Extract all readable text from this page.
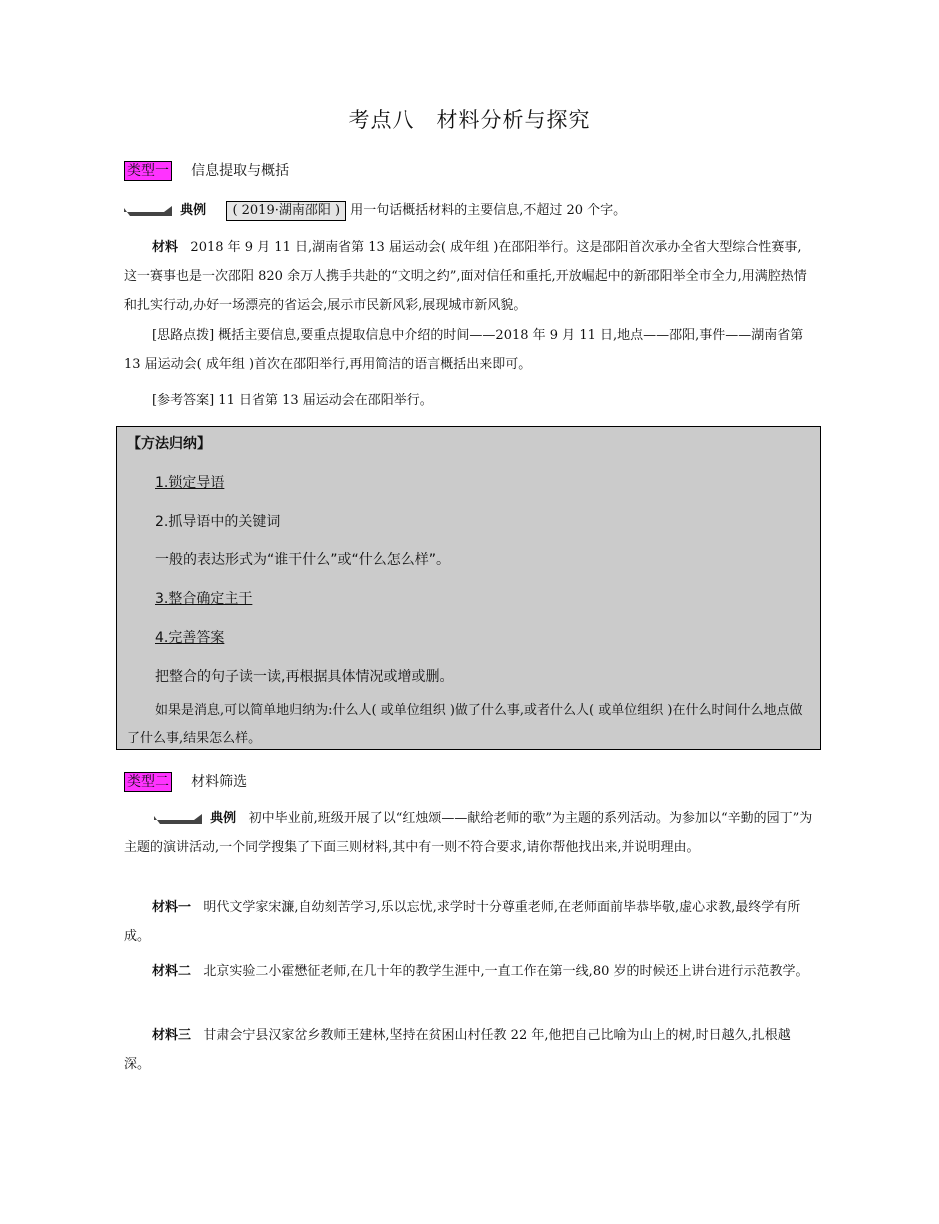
考点八　材料分析与探究
类型一 信息提取与概括
典例 ( 2019·湖南邵阳 ) 用一句话概括材料的主要信息,不超过 20 个字。
材料 2018 年 9 月 11 日,湖南省第 13 届运动会( 成年组 )在邵阳举行。这是邵阳首次承办全省大型综合性赛事,这一赛事也是一次邵阳 820 余万人携手共赴的“文明之约”,面对信任和重托,开放崛起中的新邵阳举全市全力,用满腔热情和扎实行动,办好一场漂亮的省运会,展示市民新风彩,展现城市新风貌。
[思路点拨] 概括主要信息,要重点提取信息中介绍的时间——2018 年 9 月 11 日,地点——邵阳,事件——湖南省第 13 届运动会( 成年组 )首次在邵阳举行,再用简洁的语言概括出来即可。
[参考答案] 11 日省第 13 届运动会在邵阳举行。
【方法归纳】
1.锁定导语
2.抓导语中的关键词
一般的表达形式为“谁干什么”或“什么怎么样”。
3.整合确定主干
4.完善答案
把整合的句子读一读,再根据具体情况或增或删。
如果是消息,可以简单地归纳为:什么人( 或单位组织 )做了什么事,或者什么人( 或单位组织 )在什么时间什么地点做了什么事,结果怎么样。
类型二 材料筛选
典例 初中毕业前,班级开展了以“红烛颂——献给老师的歌”为主题的系列活动。为参加以“辛勤的园丁”为主题的演讲活动,一个同学搜集了下面三则材料,其中有一则不符合要求,请你帮他找出来,并说明理由。
材料一 明代文学家宋濂,自幼刻苦学习,乐以忘忧,求学时十分尊重老师,在老师面前毕恭毕敬,虚心求教,最终学有所成。
材料二 北京实验二小霍懋征老师,在几十年的教学生涯中,一直工作在第一线,80 岁的时候还上讲台进行示范教学。
材料三 甘肃会宁县汉家岔乡教师王建林,坚持在贫困山村任教 22 年,他把自己比喻为山上的树,时日越久,扎根越深。
